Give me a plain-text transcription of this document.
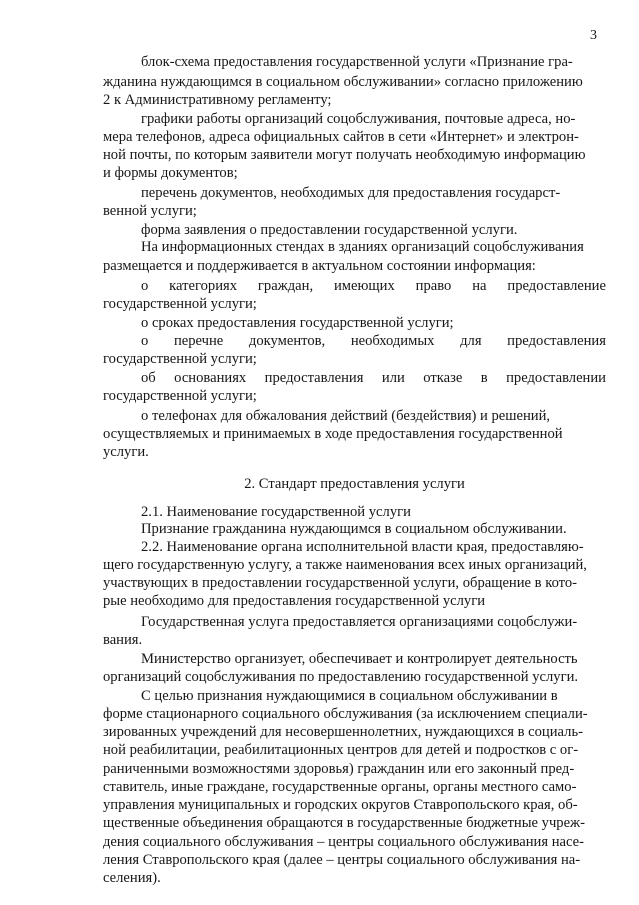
3
блок-схема предоставления государственной услуги «Признание гра-
жданина нуждающимся в социальном обслуживании» согласно приложению
2 к Административному регламенту;
графики работы организаций соцобслуживания, почтовые адреса, но-
мера телефонов, адреса официальных сайтов в сети «Интернет» и электрон-
ной почты, по которым заявители могут получать необходимую информацию
и формы документов;
перечень документов, необходимых для предоставления государст-
венной услуги;
форма заявления о предоставлении государственной услуги.
На информационных стендах в зданиях организаций соцобслуживания
размещается и поддерживается в актуальном состоянии информация:
о категориях граждан, имеющих право на предоставление
государственной услуги;
о сроках предоставления государственной услуги;
о перечне документов, необходимых для предоставления
государственной услуги;
об основаниях предоставления или отказе в предоставлении
государственной услуги;
о телефонах для обжалования действий (бездействия) и решений,
осуществляемых и принимаемых в ходе предоставления государственной
услуги.
2. Стандарт предоставления услуги
2.1. Наименование государственной услуги
Признание гражданина нуждающимся в социальном обслуживании.
2.2. Наименование органа исполнительной власти края, предоставляю-
щего государственную услугу, а также наименования всех иных организаций,
участвующих в предоставлении государственной услуги, обращение в кото-
рые необходимо для предоставления государственной услуги
Государственная услуга предоставляется организациями соцобслужи-
вания.
Министерство организует, обеспечивает и контролирует деятельность
организаций соцобслуживания по предоставлению государственной услуги.
С целью признания нуждающимися в социальном обслуживании в
форме стационарного социального обслуживания (за исключением специали-
зированных учреждений для несовершеннолетних, нуждающихся в социаль-
ной реабилитации, реабилитационных центров для детей и подростков с ог-
раниченными возможностями здоровья) гражданин или его законный пред-
ставитель, иные граждане, государственные органы, органы местного само-
управления муниципальных и городских округов Ставропольского края, об-
щественные объединения обращаются в государственные бюджетные учреж-
дения социального обслуживания – центры социального обслуживания насе-
ления Ставропольского края (далее – центры социального обслуживания на-
селения).
